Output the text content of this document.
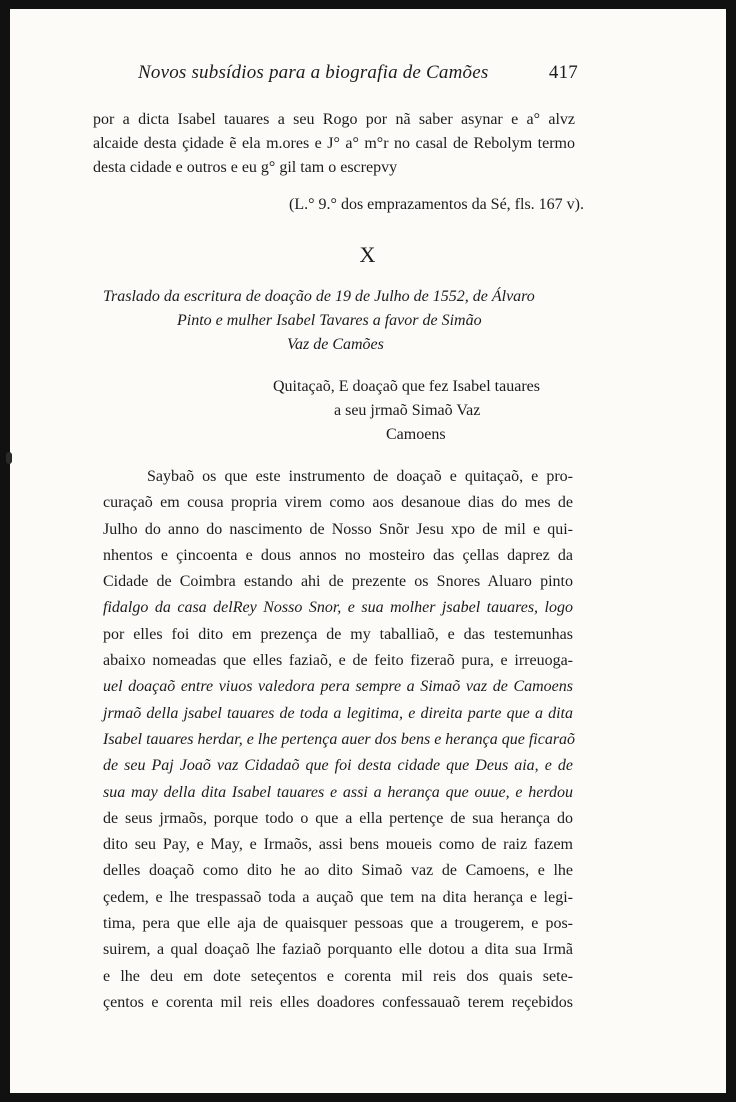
Novos subsídios para a biografia de Camões	417
por a dicta Isabel tauares a seu Rogo por nã saber asynar e a° alvz
alcaide desta çidade ẽ ela m.ores e J° a° m°r no casal de Rebolym termo
desta cidade e outros e eu g° gil tam o escrepvy
(L.° 9.° dos emprazamentos da Sé, fls. 167 v).
X
Traslado da escritura de doação de 19 de Julho de 1552, de Álvaro
Pinto e mulher Isabel Tavares a favor de Simão
Vaz de Camões
Quitaçaõ, E doaçaõ que fez Isabel tauares
a seu jrmaõ Simaõ Vaz
Camoens
Saybaõ os que este instrumento de doaçaõ e quitaçaõ, e pro-
curaçaõ em cousa propria virem como aos desanoue dias do mes de
Julho do anno do nascimento de Nosso Snõr Jesu xpo de mil e qui-
nhentos e çincoenta e dous annos no mosteiro das çellas daprez da
Cidade de Coimbra estando ahi de prezente os Snores Aluaro pinto
fidalgo da casa delRey Nosso Snor, e sua molher jsabel tauares, logo
por elles foi dito em prezença de my taballiaõ, e das testemunhas
abaixo nomeadas que elles faziaõ, e de feito fizeraõ pura, e irreuoga-
uel doaçaõ entre viuos valedora pera sempre a Simaõ vaz de Camoens
jrmaõ della jsabel tauares de toda a legitima, e direita parte que a dita
Isabel tauares herdar, e lhe pertença auer dos bens e herança que ficaraõ
de seu Paj Joaõ vaz Cidadaõ que foi desta cidade que Deus aia, e de
sua may della dita Isabel tauares e assi a herança que ouue, e herdou
de seus jrmaõs, porque todo o que a ella pertençe de sua herança do
dito seu Pay, e May, e Irmaõs, assi bens moueis como de raiz fazem
delles doaçaõ como dito he ao dito Simaõ vaz de Camoens, e lhe
çedem, e lhe trespassaõ toda a auçaõ que tem na dita herança e legi-
tima, pera que elle aja de quaisquer pessoas que a trougerem, e pos-
suirem, a qual doaçaõ lhe faziaõ porquanto elle dotou a dita sua Irmã
e lhe deu em dote seteçentos e corenta mil reis dos quais sete-
çentos e corenta mil reis elles doadores confessauaõ terem reçebidos
